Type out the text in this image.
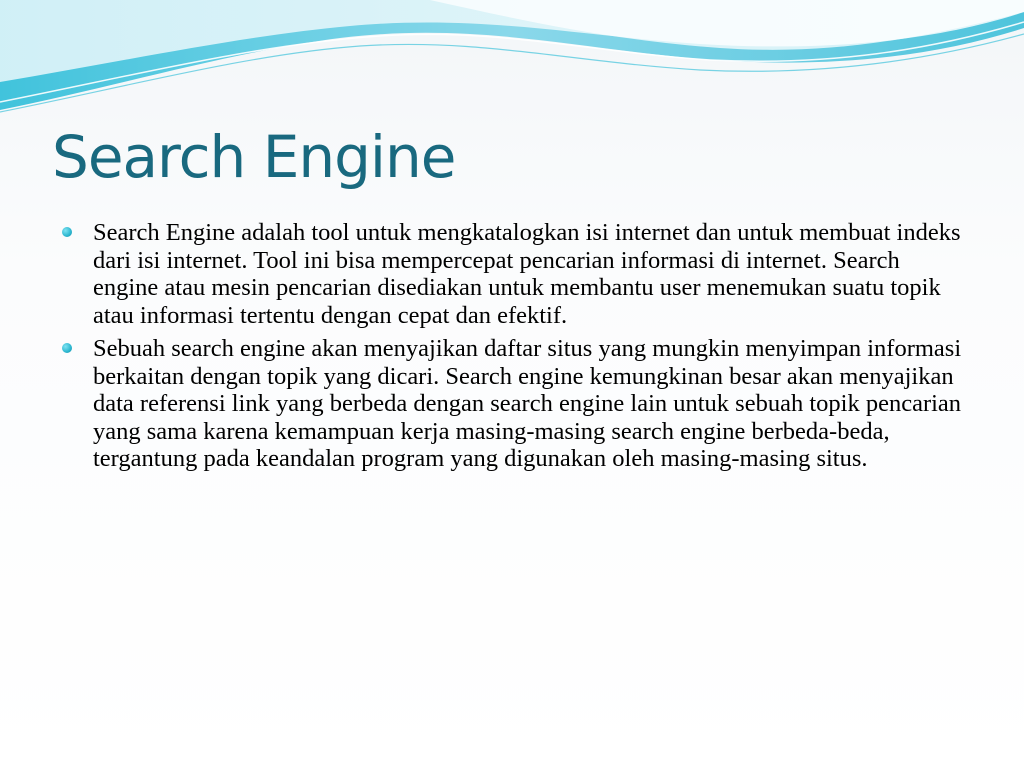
Search Engine
Search Engine adalah tool untuk mengkatalogkan isi internet dan untuk membuat indeks dari isi internet. Tool ini bisa mempercepat pencarian informasi di internet. Search engine atau mesin pencarian disediakan untuk membantu user menemukan suatu topik atau informasi tertentu dengan cepat dan efektif.
Sebuah search engine akan menyajikan daftar situs yang mungkin menyimpan informasi berkaitan dengan topik yang dicari. Search engine kemungkinan besar akan menyajikan data referensi link yang berbeda dengan search engine lain untuk sebuah topik pencarian yang sama karena kemampuan kerja masing-masing search engine berbeda-beda, tergantung pada keandalan program yang digunakan oleh masing-masing situs.
